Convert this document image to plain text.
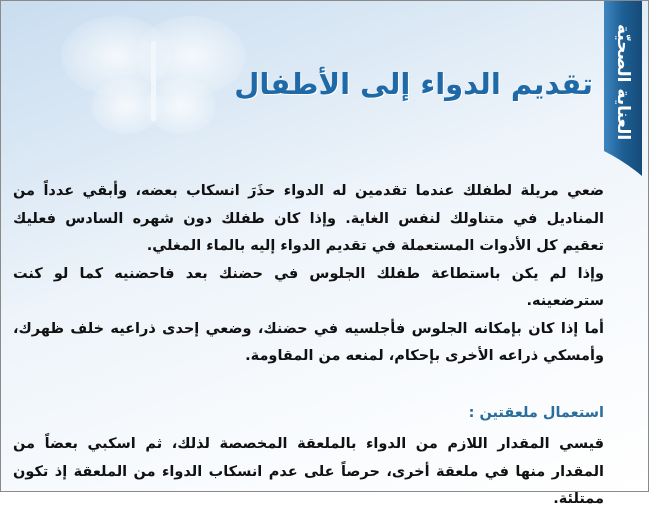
العناية الصحيّة
تقديم الدواء إلى الأطفال

ضعي مريلة لطفلك عندما تقدمين له الدواء حذَرَ انسكاب بعضه، وأبقي عدداً من المناديل في متناولك لنفس الغاية. وإذا كان طفلك دون شهره السادس فعليك تعقيم كل الأدوات المستعملة في تقديم الدواء إليه بالماء المغلي.

وإذا لم يكن باستطاعة طفلك الجلوس في حضنك بعد فاحضنيه كما لو كنت سترضعينه.

أما إذا كان بإمكانه الجلوس فأجلسيه في حضنك، وضعي إحدى ذراعيه خلف ظهرك، وأمسكي ذراعه الأخرى بإحكام، لمنعه من المقاومة.

استعمال ملعقتين :

قيسي المقدار اللازم من الدواء بالملعقة المخصصة لذلك، ثم اسكبي بعضاً من المقدار منها في ملعقة أخرى، حرصاً على عدم انسكاب الدواء من الملعقة إذ تكون ممتلئة.
